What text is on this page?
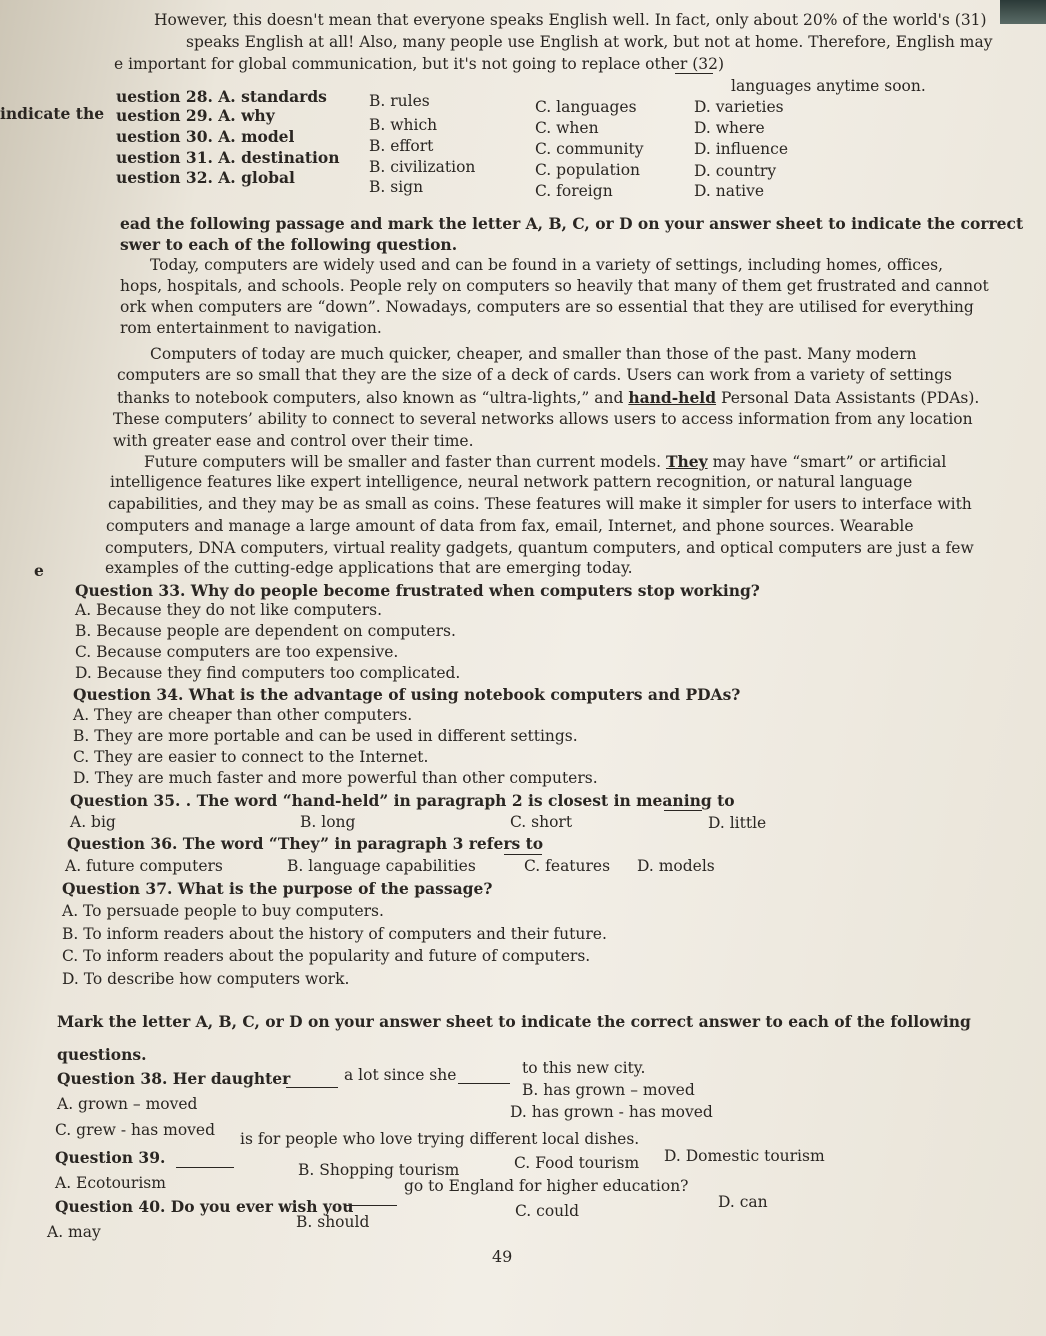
However, this doesn't mean that everyone speaks English well. In fact, only about 20% of the world's (31)
speaks English at all! Also, many people use English at work, but not at home. Therefore, English may
e important for global communication, but it's not going to replace other (32)
languages anytime soon.
indicate the
uestion 28. A. standards	B. rules	C. languages	D. varieties
uestion 29. A. why	B. which	C. when	D. where
uestion 30. A. model	B. effort	C. community	D. influence
uestion 31. A. destination B. civilization	C. population	D. country
uestion 32. A. global	B. sign	C. foreign	D. native
ead the following passage and mark the letter A, B, C, or D on your answer sheet to indicate the correct
swer to each of the following question.
Today, computers are widely used and can be found in a variety of settings, including homes, offices,
hops, hospitals, and schools. People rely on computers so heavily that many of them get frustrated and cannot
ork when computers are “down”. Nowadays, computers are so essential that they are utilised for everything
rom entertainment to navigation.
Computers of today are much quicker, cheaper, and smaller than those of the past. Many modern
computers are so small that they are the size of a deck of cards. Users can work from a variety of settings
thanks to notebook computers, also known as “ultra-lights,” and hand-held Personal Data Assistants (PDAs).
These computers’ ability to connect to several networks allows users to access information from any location
with greater ease and control over their time.
Future computers will be smaller and faster than current models. They may have “smart” or artificial
intelligence features like expert intelligence, neural network pattern recognition, or natural language
capabilities, and they may be as small as coins. These features will make it simpler for users to interface with
computers and manage a large amount of data from fax, email, Internet, and phone sources. Wearable
computers, DNA computers, virtual reality gadgets, quantum computers, and optical computers are just a few
examples of the cutting-edge applications that are emerging today.
e
Question 33. Why do people become frustrated when computers stop working?
A. Because they do not like computers.
B. Because people are dependent on computers.
C. Because computers are too expensive.
D. Because they find computers too complicated.
Question 34. What is the advantage of using notebook computers and PDAs?
A. They are cheaper than other computers.
B. They are more portable and can be used in different settings.
C. They are easier to connect to the Internet.
D. They are much faster and more powerful than other computers.
Question 35. . The word “hand-held” in paragraph 2 is closest in meaning to
A. big	B. long	C. short	D. little
Question 36. The word “They” in paragraph 3 refers to
A. future computers	B. language capabilities	C. features D. models
Question 37. What is the purpose of the passage?
A. To persuade people to buy computers.
B. To inform readers about the history of computers and their future.
C. To inform readers about the popularity and future of computers.
D. To describe how computers work.
Mark the letter A, B, C, or D on your answer sheet to indicate the correct answer to each of the following
questions.
Question 38. Her daughter	a lot since she	to this new city.
A. grown – moved
B. has grown – moved
C. grew - has moved
D. has grown - has moved
Question 39.
is for people who love trying different local dishes.
A. Ecotourism
B. Shopping tourism	C. Food tourism D. Domestic tourism
Question 40. Do you ever wish you
go to England for higher education?
A. may
B. should
C. could	D. can
49
